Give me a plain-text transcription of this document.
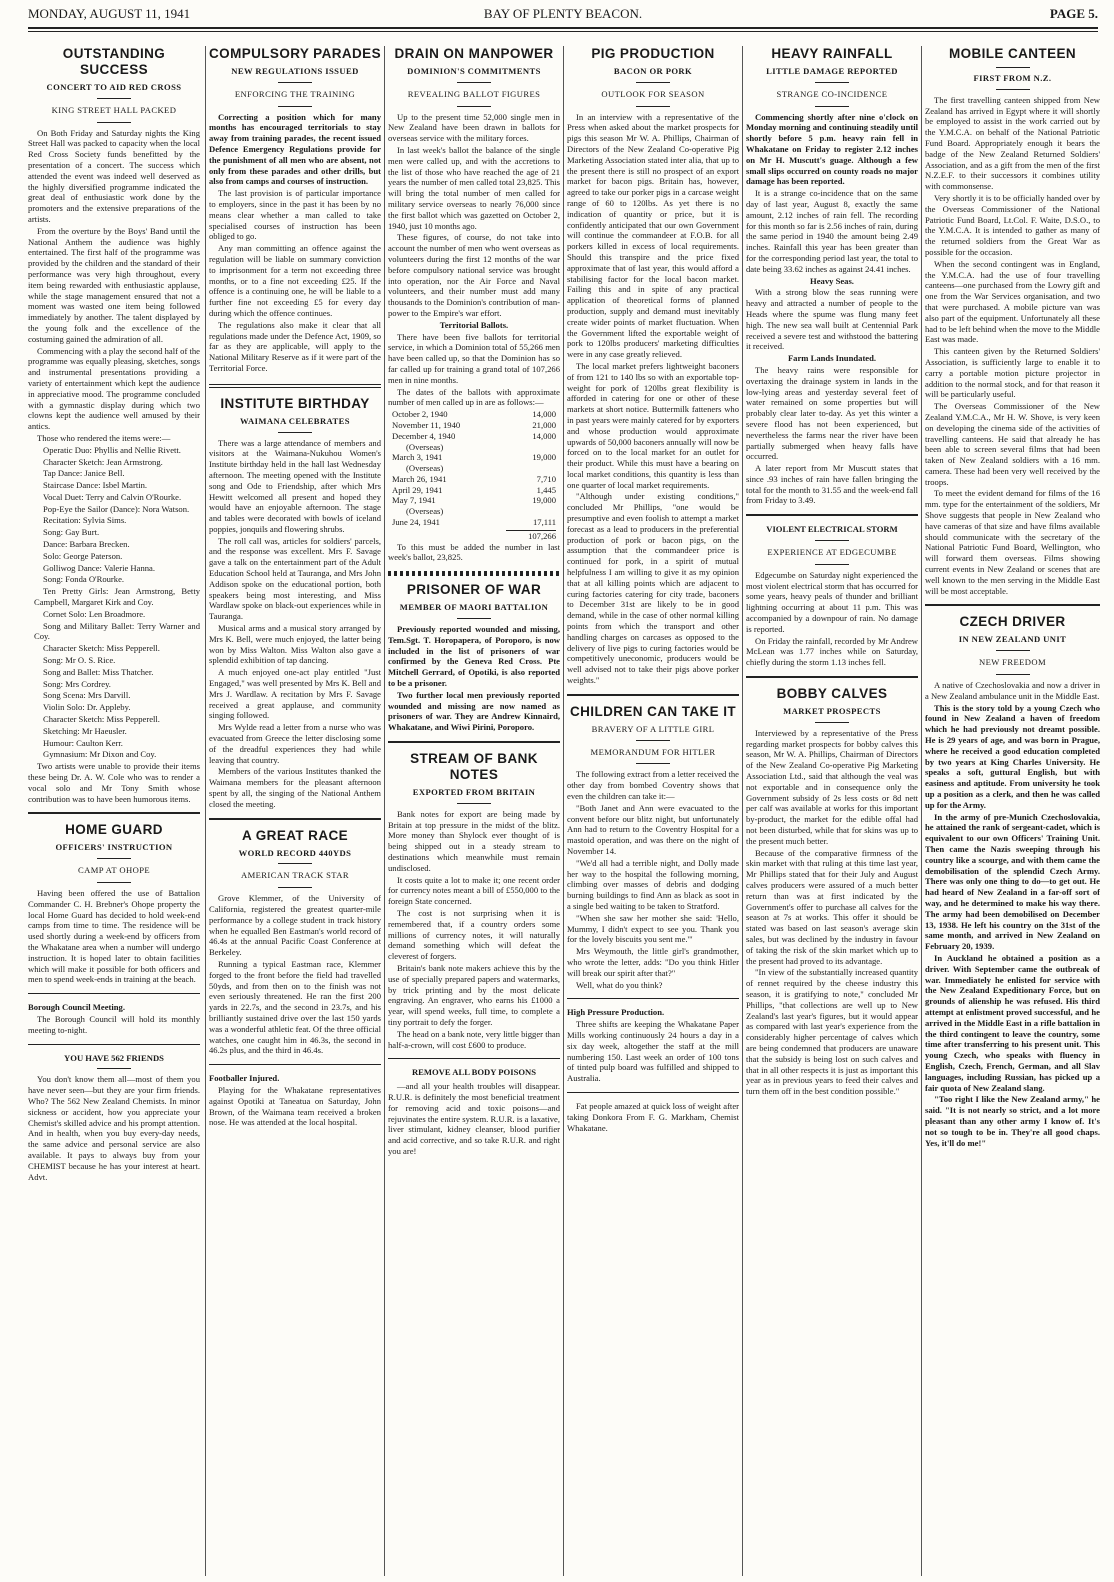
MONDAY, AUGUST 11, 1941	BAY OF PLENTY BEACON.	PAGE 5.
OUTSTANDING SUCCESS
CONCERT TO AID RED CROSS
KING STREET HALL PACKED

On Both Friday and Saturday nights the King Street Hall was packed to capacity when the local Red Cross Society funds benefitted by the presentation of a concert. The success which attended the event was indeed well deserved as the highly diversified programme indicated the great deal of enthusiastic work done by the promoters and the extensive preparations of the artists.

From the overture by the Boys' Band until the National Anthem the audience was highly entertained. The first half of the programme was provided by the children and the standard of their performance was very high throughout, every item being rewarded with enthusiastic applause, while the stage management ensured that not a moment was wasted one item being followed immediately by another. The talent displayed by the young folk and the excellence of the costuming gained the admiration of all.

Commencing with a play the second half of the programme was equally pleasing, sketches, songs and instrumental presentations providing a variety of entertainment which kept the audience in appreciative mood. The programme concluded with a gymnastic display during which two clowns kept the audience well amused by their antics.

Those who rendered the items were:—

Operatic Duo: Phyllis and Nellie Rivett.

Character Sketch: Jean Armstrong.

Tap Dance: Janice Bell.

Staircase Dance: Isbel Martin.

Vocal Duet: Terry and Calvin O'Rourke.

Pop-Eye the Sailor (Dance): Nora Watson.

Recitation: Sylvia Sims.

Song: Gay Burt.

Dance: Barbara Brecken.

Solo: George Paterson.

Golliwog Dance: Valerie Hanna.

Song: Fonda O'Rourke.

Ten Pretty Girls: Jean Armstrong, Betty Campbell, Margaret Kirk and Coy.

Cornet Solo: Len Broadmore.

Song and Military Ballet: Terry Warner and Coy.

Character Sketch: Miss Pepperell.

Song: Mr O. S. Rice.

Song and Ballet: Miss Thatcher.

Song: Mrs Cordrey.

Song Scena: Mrs Darvill.

Violin Solo: Dr. Appleby.

Character Sketch: Miss Pepperell.

Sketching: Mr Haeusler.

Humour: Caulton Kerr.

Gymnasium: Mr Dixon and Coy.

Two artists were unable to provide their items these being Dr. A. W. Cole who was to render a vocal solo and Mr Tony Smith whose contribution was to have been humorous items.

HOME GUARD
OFFICERS' INSTRUCTION
CAMP AT OHOPE

Having been offered the use of Battalion Commander C. H. Brebner's Ohope property the local Home Guard has decided to hold week-end camps from time to time. The residence will be used shortly during a week-end by officers from the Whakatane area when a number will undergo instruction. It is hoped later to obtain facilities which will make it possible for both officers and men to spend week-ends in training at the beach.

Borough Council Meeting.

The Borough Council will hold its monthly meeting to-night.

YOU HAVE 562 FRIENDS

You don't know them all—most of them you have never seen—but they are your firm friends. Who? The 562 New Zealand Chemists. In minor sickness or accident, how you appreciate your Chemist's skilled advice and his prompt attention. And in health, when you buy every-day needs, the same advice and personal service are also available. It pays to always buy from your CHEMIST because he has your interest at heart. Advt.

COMPULSORY PARADES
NEW REGULATIONS ISSUED
ENFORCING THE TRAINING

Correcting a position which for many months has encouraged territorials to stay away from training parades, the recent issued Defence Emergency Regulations provide for the punishment of all men who are absent, not only from these parades and other drills, but also from camps and courses of instruction.

The last provision is of particular importance to employers, since in the past it has been by no means clear whether a man called to take specialised courses of instruction has been obliged to go.

Any man committing an offence against the regulation will be liable on summary conviction to imprisonment for a term not exceeding three months, or to a fine not exceeding £25. If the offence is a continuing one, he will be liable to a further fine not exceeding £5 for every day during which the offence continues.

The regulations also make it clear that all regulations made under the Defence Act, 1909, so far as they are applicable, will apply to the National Military Reserve as if it were part of the Territorial Force.

INSTITUTE BIRTHDAY
WAIMANA CELEBRATES

There was a large attendance of members and visitors at the Waimana-Nukuhou Women's Institute birthday held in the hall last Wednesday afternoon. The meeting opened with the Institute song and Ode to Friendship, after which Mrs Hewitt welcomed all present and hoped they would have an enjoyable afternoon. The stage and tables were decorated with bowls of iceland poppies, jonquils and flowering shrubs.

The roll call was, articles for soldiers' parcels, and the response was excellent. Mrs F. Savage gave a talk on the entertainment part of the Adult Education School held at Tauranga, and Mrs John Addison spoke on the educational portion, both speakers being most interesting, and Miss Wardlaw spoke on black-out experiences while in Tauranga.

Musical arms and a musical story arranged by Mrs K. Bell, were much enjoyed, the latter being won by Miss Walton. Miss Walton also gave a splendid exhibition of tap dancing.

A much enjoyed one-act play entitled "Just Engaged," was well presented by Mrs K. Bell and Mrs J. Wardlaw. A recitation by Mrs F. Savage received a great applause, and community singing followed.

Mrs Wylde read a letter from a nurse who was evacuated from Greece the letter disclosing some of the dreadful experiences they had while leaving that country.

Members of the various Institutes thanked the Waimana members for the pleasant afternoon spent by all, the singing of the National Anthem closed the meeting.

A GREAT RACE
WORLD RECORD 440YDS
AMERICAN TRACK STAR

Grove Klemmer, of the University of California, registered the greatest quarter-mile performance by a college student in track history when he equalled Ben Eastman's world record of 46.4s at the annual Pacific Coast Conference at Berkeley.

Running a typical Eastman race, Klemmer forged to the front before the field had travelled 50yds, and from then on to the finish was not even seriously threatened. He ran the first 200 yards in 22.7s, and the second in 23.7s, and his brilliantly sustained drive over the last 150 yards was a wonderful athletic feat. Of the three official watches, one caught him in 46.3s, the second in 46.2s plus, and the third in 46.4s.

Footballer Injured.

Playing for the Whakatane representatives against Opotiki at Taneatua on Saturday, John Brown, of the Waimana team received a broken nose. He was attended at the local hospital.

DRAIN ON MANPOWER
DOMINION'S COMMITMENTS
REVEALING BALLOT FIGURES

Up to the present time 52,000 single men in New Zealand have been drawn in ballots for overseas service with the military forces.

In last week's ballot the balance of the single men were called up, and with the accretions to the list of those who have reached the age of 21 years the number of men called total 23,825. This will bring the total number of men called for military service overseas to nearly 76,000 since the first ballot which was gazetted on October 2, 1940, just 10 months ago.

These figures, of course, do not take into account the number of men who went overseas as volunteers during the first 12 months of the war before compulsory national service was brought into operation, nor the Air Force and Naval volunteers, and their number must add many thousands to the Dominion's contribution of man-power to the Empire's war effort.

Territorial Ballots.

There have been five ballots for territorial service, in which a Dominion total of 55,266 men have been called up, so that the Dominion has so far called up for training a grand total of 107,266 men in nine months.

The dates of the ballots with approximate number of men called up in are as follows:—

October 2, 1940	14,000
November 11, 1940	21,000
December 4, 1940	14,000
(Overseas)
March 3, 1941	19,000
(Overseas)
March 26, 1941	7,710
April 29, 1941	1,445
May 7, 1941	19,000
(Overseas)
June 24, 1941	17,111
107,266

To this must be added the number in last week's ballot, 23,825.

PRISONER OF WAR
MEMBER OF MAORI BATTALION

Previously reported wounded and missing, Tem.Sgt. T. Horopapera, of Poroporo, is now included in the list of prisoners of war confirmed by the Geneva Red Cross. Pte Mitchell Gerrard, of Opotiki, is also reported to be a prisoner.

Two further local men previously reported wounded and missing are now named as prisoners of war. They are Andrew Kinnaird, Whakatane, and Wiwi Pirini, Poroporo.

STREAM OF BANK NOTES
EXPORTED FROM BRITAIN

Bank notes for export are being made by Britain at top pressure in the midst of the blitz. More money than Shylock ever thought of is being shipped out in a steady stream to destinations which meanwhile must remain undisclosed.

It costs quite a lot to make it; one recent order for currency notes meant a bill of £550,000 to the foreign State concerned.

The cost is not surprising when it is remembered that, if a country orders some millions of currency notes, it will naturally demand something which will defeat the cleverest of forgers.

Britain's bank note makers achieve this by the use of specially prepared papers and watermarks, by trick printing and by the most delicate engraving. An engraver, who earns his £1000 a year, will spend weeks, full time, to complete a tiny portrait to defy the forger.

The head on a bank note, very little bigger than half-a-crown, will cost £600 to produce.

REMOVE ALL BODY POISONS

—and all your health troubles will disappear. R.U.R. is definitely the most beneficial treatment for removing acid and toxic poisons—and rejuvinates the entire system. R.U.R. is a laxative, liver stimulant, kidney cleanser, blood purifier and acid corrective, and so take R.U.R. and right you are!

PIG PRODUCTION
BACON OR PORK
OUTLOOK FOR SEASON

In an interview with a representative of the Press when asked about the market prospects for pigs this season Mr W. A. Phillips, Chairman of Directors of the New Zealand Co-operative Pig Marketing Association stated inter alia, that up to the present there is still no prospect of an export market for bacon pigs. Britain has, however, agreed to take our porker pigs in a carcase weight range of 60 to 120lbs. As yet there is no indication of quantity or price, but it is confidently anticipated that our own Government will continue the commandeer at F.O.B. for all porkers killed in excess of local requirements. Should this transpire and the price fixed approximate that of last year, this would afford a stabilising factor for the local bacon market. Failing this and in spite of any practical application of theoretical forms of planned production, supply and demand must inevitably create wider points of market fluctuation. When the Government lifted the exportable weight of pork to 120lbs producers' marketing difficulties were in any case greatly relieved.

The local market prefers lightweight baconers of from 121 to 140 lbs so with an exportable top-weight for pork of 120lbs great flexibility is afforded in catering for one or other of these markets at short notice. Buttermilk fatteners who in past years were mainly catered for by exporters and whose production would approximate upwards of 50,000 baconers annually will now be forced on to the local market for an outlet for their product. While this must have a bearing on local market conditions, this quantity is less than one quarter of local market requirements.

"Although under existing conditions," concluded Mr Phillips, "one would be presumptive and even foolish to attempt a market forecast as a lead to producers in the preferential production of pork or bacon pigs, on the assumption that the commandeer price is continued for pork, in a spirit of mutual helpfulness I am willing to give it as my opinion that at all killing points which are adjacent to curing factories catering for city trade, baconers to December 31st are likely to be in good demand, while in the case of other normal killing points from which the transport and other handling charges on carcases as opposed to the delivery of live pigs to curing factories would be competitively uneconomic, producers would be well advised not to take their pigs above porker weights."

CHILDREN CAN TAKE IT
BRAVERY OF A LITTLE GIRL
MEMORANDUM FOR HITLER

The following extract from a letter received the other day from bombed Coventry shows that even the children can take it:—

"Both Janet and Ann were evacuated to the convent before our blitz night, but unfortunately Ann had to return to the Coventry Hospital for a mastoid operation, and was there on the night of November 14.

"We'd all had a terrible night, and Dolly made her way to the hospital the following morning, climbing over masses of debris and dodging burning buildings to find Ann as black as soot in a single bed waiting to be taken to Stratford.

"When she saw her mother she said: 'Hello, Mummy, I didn't expect to see you. Thank you for the lovely biscuits you sent me.'"

Mrs Weymouth, the little girl's grandmother, who wrote the letter, adds: "Do you think Hitler will break our spirit after that?"

Well, what do you think?

High Pressure Production.

Three shifts are keeping the Whakatane Paper Mills working continuously 24 hours a day in a six day week, altogether the staff at the mill numbering 150. Last week an order of 100 tons of tinted pulp board was fulfilled and shipped to Australia.

Fat people amazed at quick loss of weight after taking Donkora From F. G. Markham, Chemist Whakatane.

HEAVY RAINFALL
LITTLE DAMAGE REPORTED
STRANGE CO-INCIDENCE

Commencing shortly after nine o'clock on Monday morning and continuing steadily until shortly before 5 p.m. heavy rain fell in Whakatane on Friday to register 2.12 inches on Mr H. Muscutt's guage. Although a few small slips occurred on county roads no major damage has been reported.

It is a strange co-incidence that on the same day of last year, August 8, exactly the same amount, 2.12 inches of rain fell. The recording for this month so far is 2.56 inches of rain, during the same period in 1940 the amount being 2.49 inches. Rainfall this year has been greater than for the corresponding period last year, the total to date being 33.62 inches as against 24.41 inches.

Heavy Seas.

With a strong blow the seas running were heavy and attracted a number of people to the Heads where the spume was flung many feet high. The new sea wall built at Centennial Park received a severe test and withstood the battering it received.

Farm Lands Inundated.

The heavy rains were responsible for overtaxing the drainage system in lands in the low-lying areas and yesterday several feet of water remained on some properties but will probably clear later to-day. As yet this winter a severe flood has not been experienced, but nevertheless the farms near the river have been partially submerged when heavy falls have occurred.

A later report from Mr Muscutt states that since .93 inches of rain have fallen bringing the total for the month to 31.55 and the week-end fall from Friday to 3.49.

VIOLENT ELECTRICAL STORM
EXPERIENCE AT EDGECUMBE

Edgecumbe on Saturday night experienced the most violent electrical storm that has occurred for some years, heavy peals of thunder and brilliant lightning occurring at about 11 p.m. This was accompanied by a downpour of rain. No damage is reported.

On Friday the rainfall, recorded by Mr Andrew McLean was 1.77 inches while on Saturday, chiefly during the storm 1.13 inches fell.

BOBBY CALVES
MARKET PROSPECTS

Interviewed by a representative of the Press regarding market prospects for bobby calves this season, Mr W. A. Phillips, Chairman of Directors of the New Zealand Co-operative Pig Marketing Association Ltd., said that although the veal was not exportable and in consequence only the Government subsidy of 2s less costs or 8d nett per calf was available at works for this important by-product, the market for the edible offal had not been disturbed, while that for skins was up to the present much better.

Because of the comparative firmness of the skin market with that ruling at this time last year, Mr Phillips stated that for their July and August calves producers were assured of a much better return than was at first indicated by the Government's offer to purchase all calves for the season at 7s at works. This offer it should be stated was based on last season's average skin sales, but was declined by the industry in favour of taking the risk of the skin market which up to the present had proved to its advantage.

"In view of the substantially increased quantity of rennet required by the cheese industry this season, it is gratifying to note," concluded Mr Phillips, "that collections are well up to New Zealand's last year's figures, but it would appear as compared with last year's experience from the considerably higher percentage of calves which are being condemned that producers are unaware that the subsidy is being lost on such calves and that in all other respects it is just as important this year as in previous years to feed their calves and turn them off in the best condition possible."

MOBILE CANTEEN
FIRST FROM N.Z.

The first travelling canteen shipped from New Zealand has arrived in Egypt where it will shortly be employed to assist in the work carried out by the Y.M.C.A. on behalf of the National Patriotic Fund Board. Appropriately enough it bears the badge of the New Zealand Returned Soldiers' Association, and as a gift from the men of the first N.Z.E.F. to their successors it combines utility with commonsense.

Very shortly it is to be officially handed over by the Overseas Commissioner of the National Patriotic Fund Board, Lt.Col. F. Waite, D.S.O., to the Y.M.C.A. It is intended to gather as many of the returned soldiers from the Great War as possible for the occasion.

When the second contingent was in England, the Y.M.C.A. had the use of four travelling canteens—one purchased from the Lowry gift and one from the War Services organisation, and two that were purchased. A mobile picture van was also part of the equipment. Unfortunately all these had to be left behind when the move to the Middle East was made.

This canteen given by the Returned Soldiers' Association, is sufficiently large to enable it to carry a portable motion picture projector in addition to the normal stock, and for that reason it will be particularly useful.

The Overseas Commissioner of the New Zealand Y.M.C.A., Mr H. W. Shove, is very keen on developing the cinema side of the activities of travelling canteens. He said that already he has been able to screen several films that had been taken of New Zealand soldiers with a 16 mm. camera. These had been very well received by the troops.

To meet the evident demand for films of the 16 mm. type for the entertainment of the soldiers, Mr Shove suggests that people in New Zealand who have cameras of that size and have films available should communicate with the secretary of the National Patriotic Fund Board, Wellington, who will forward them overseas. Films showing current events in New Zealand or scenes that are well known to the men serving in the Middle East will be most acceptable.

CZECH DRIVER
IN NEW ZEALAND UNIT
NEW FREEDOM

A native of Czechoslovakia and now a driver in a New Zealand ambulance unit in the Middle East.

This is the story told by a young Czech who found in New Zealand a haven of freedom which he had previously not dreamt possible. He is 29 years of age, and was born in Prague, where he received a good education completed by two years at King Charles University. He speaks a soft, guttural English, but with easiness and aptitude. From university he took up a position as a clerk, and then he was called up for the Army.

In the army of pre-Munich Czechoslovakia, he attained the rank of sergeant-cadet, which is equivalent to our own Officers' Training Unit. Then came the Nazis sweeping through his country like a scourge, and with them came the demobilisation of the splendid Czech Army. There was only one thing to do—to get out. He had heard of New Zealand in a far-off sort of way, and he determined to make his way there. The army had been demobilised on December 13, 1938. He left his country on the 31st of the same month, and arrived in New Zealand on February 20, 1939.

In Auckland he obtained a position as a driver. With September came the outbreak of war. Immediately he enlisted for service with the New Zealand Expeditionary Force, but on grounds of alienship he was refused. His third attempt at enlistment proved successful, and he arrived in the Middle East in a rifle battalion in the third contingent to leave the country, some time after transferring to his present unit. This young Czech, who speaks with fluency in English, Czech, French, German, and all Slav languages, including Russian, has picked up a fair quota of New Zealand slang.

"Too right I like the New Zealand army," he said. "It is not nearly so strict, and a lot more pleasant than any other army I know of. It's not so tough to be in. They're all good chaps. Yes, it'll do me!"
